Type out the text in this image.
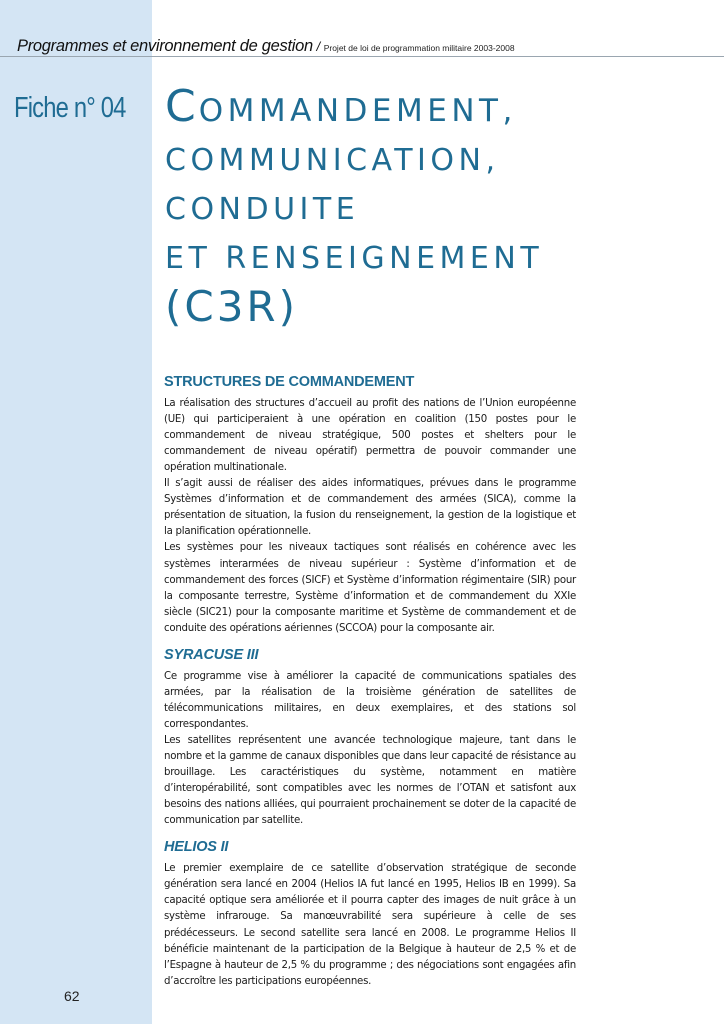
Programmes et environnement de gestion / Projet de loi de programmation militaire 2003-2008
Fiche n° 04 COMMANDEMENT,
COMMUNICATION,
CONDUITE
ET RENSEIGNEMENT
(C3R)
STRUCTURES DE COMMANDEMENT

La réalisation des structures d’accueil au profit des nations de l’Union européenne (UE) qui participeraient à une opération en coalition (150 postes pour le commandement de niveau stratégique, 500 postes et shelters pour le commandement de niveau opératif) permettra de pouvoir commander une opération multinationale.

Il s’agit aussi de réaliser des aides informatiques, prévues dans le programme Systèmes d’information et de commandement des armées (SICA), comme la présentation de situation, la fusion du renseignement, la gestion de la logistique et la planification opérationnelle.

Les systèmes pour les niveaux tactiques sont réalisés en cohérence avec les systèmes interarmées de niveau supérieur : Système d’information et de commandement des forces (SICF) et Système d’information régimentaire (SIR) pour la composante terrestre, Système d’information et de commandement du XXIe siècle (SIC21) pour la composante maritime et Système de commandement et de conduite des opérations aériennes (SCCOA) pour la composante air.

SYRACUSE III

Ce programme vise à améliorer la capacité de communications spatiales des armées, par la réalisation de la troisième génération de satellites de télécommunications militaires, en deux exemplaires, et des stations sol correspondantes.

Les satellites représentent une avancée technologique majeure, tant dans le nombre et la gamme de canaux disponibles que dans leur capacité de résistance au brouillage. Les caractéristiques du système, notamment en matière d’interopérabilité, sont compatibles avec les normes de l’OTAN et satisfont aux besoins des nations alliées, qui pourraient prochainement se doter de la capacité de communication par satellite.

HELIOS II

Le premier exemplaire de ce satellite d’observation stratégique de seconde génération sera lancé en 2004 (Helios IA fut lancé en 1995, Helios IB en 1999). Sa capacité optique sera améliorée et il pourra capter des images de nuit grâce à un système infrarouge. Sa manœuvrabilité sera supérieure à celle de ses prédécesseurs. Le second satellite sera lancé en 2008. Le programme Helios II bénéficie maintenant de la participation de la Belgique à hauteur de 2,5 % et de l’Espagne à hauteur de 2,5 % du programme ; des négociations sont engagées afin d’accroître les participations européennes.

62
